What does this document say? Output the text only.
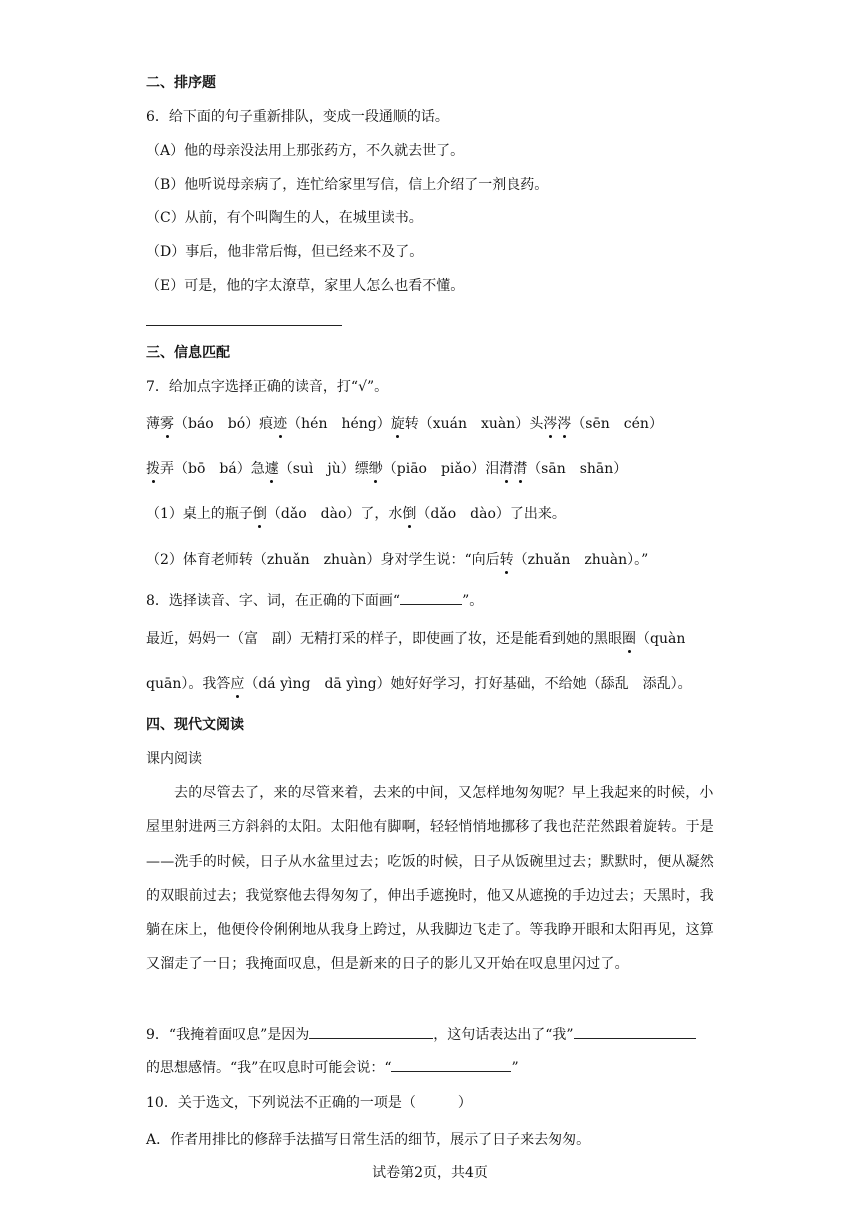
二、排序题
6．给下面的句子重新排队，变成一段通顺的话。
（A）他的母亲没法用上那张药方，不久就去世了。
（B）他听说母亲病了，连忙给家里写信，信上介绍了一剂良药。
（C）从前，有个叫陶生的人，在城里读书。
（D）事后，他非常后悔，但已经来不及了。
（E）可是，他的字太潦草，家里人怎么也看不懂。
三、信息匹配
7．给加点字选择正确的读音，打“√”。
薄雾（báo　bó）痕迹（hén　héng）旋转（xuán　xuàn）头涔涔（sēn　cén）
拨弄（bō　bá）急遽（suì　jù）缥缈（piāo　piǎo）泪潸潸（sān　shān）
（1）桌上的瓶子倒（dǎo　dào）了，水倒（dǎo　dào）了出来。
（2）体育老师转（zhuǎn　zhuàn）身对学生说：“向后转（zhuǎn　zhuàn）。”
8．选择读音、字、词，在正确的下面画“	”。
最近，妈妈一（富　副）无精打采的样子，即使画了妆，还是能看到她的黑眼圈（quàn
quān）。我答应（dá yìng　dā yìng）她好好学习，打好基础，不给她（舔乱　添乱）。
四、现代文阅读
课内阅读

去的尽管去了，来的尽管来着，去来的中间，又怎样地匆匆呢？早上我起来的时候，小屋里射进两三方斜斜的太阳。太阳他有脚啊，轻轻悄悄地挪移了我也茫茫然跟着旋转。于是——洗手的时候，日子从水盆里过去；吃饭的时候，日子从饭碗里过去；默默时，便从凝然的双眼前过去；我觉察他去得匆匆了，伸出手遮挽时，他又从遮挽的手边过去；天黑时，我躺在床上，他便伶伶俐俐地从我身上跨过，从我脚边飞走了。等我睁开眼和太阳再见，这算又溜走了一日；我掩面叹息，但是新来的日子的影儿又开始在叹息里闪过了。

9．“我掩着面叹息”是因为	，这句话表达出了“我”
的思想感情。“我”在叹息时可能会说：“	”
10．关于选文，下列说法不正确的一项是（　　　）
A．作者用排比的修辞手法描写日常生活的细节，展示了日子来去匆匆。
试卷第2页，共4页
